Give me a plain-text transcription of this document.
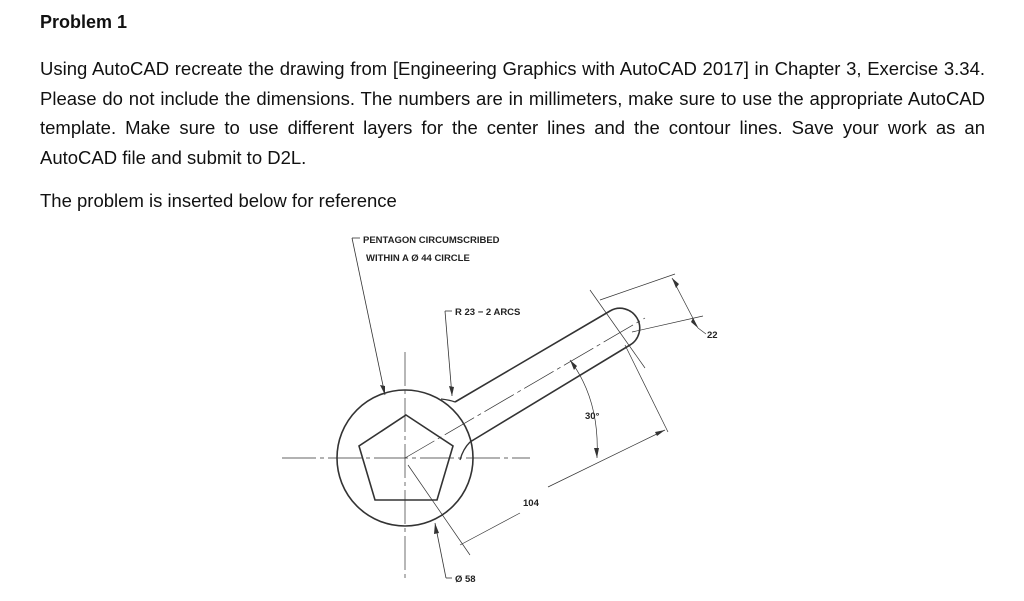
Problem 1

Using AutoCAD recreate the drawing from [Engineering Graphics with AutoCAD 2017] in Chapter 3, Exercise 3.34. Please do not include the dimensions. The numbers are in millimeters, make sure to use the appropriate AutoCAD template. Make sure to use different layers for the center lines and the contour lines. Save your work as an AutoCAD file and submit to D2L.

The problem is inserted below for reference

PENTAGON CIRCUMSCRIBED
WITHIN A Ø 44 CIRCLE
R 23 − 2 ARCS
22
30°
104
Ø 58
